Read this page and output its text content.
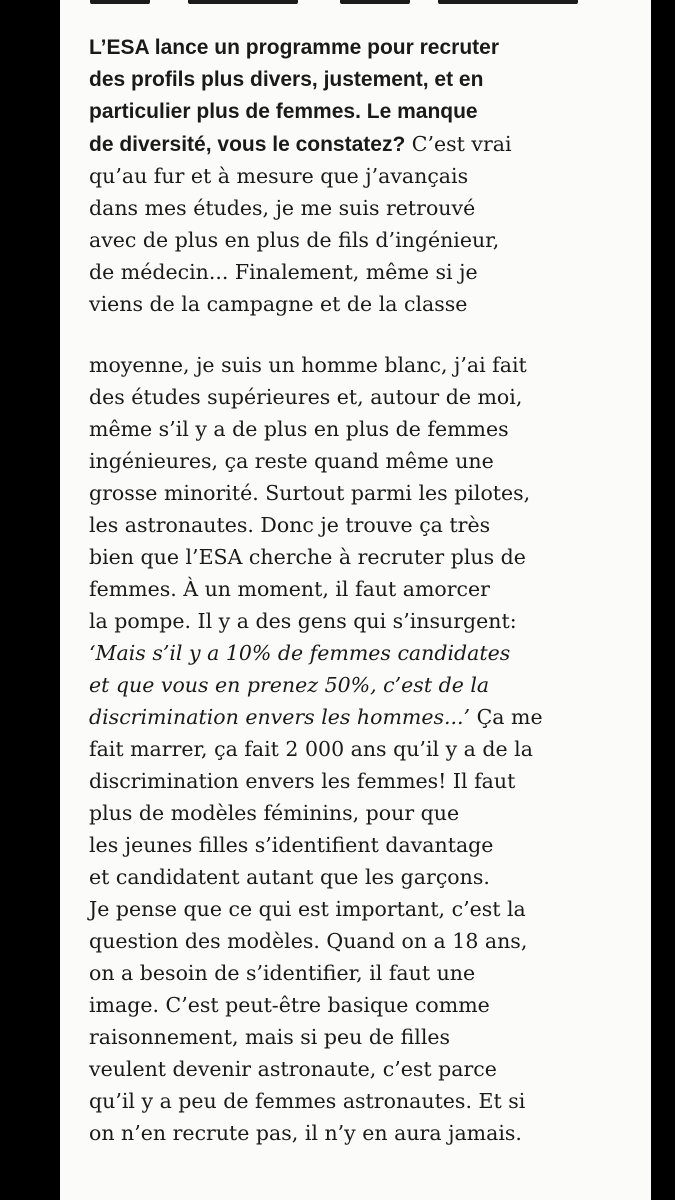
L’ESA lance un programme pour recruter
des profils plus divers, justement, et en
particulier plus de femmes. Le manque
de diversité, vous le constatez? C’est vrai
qu’au fur et à mesure que j’avançais
dans mes études, je me suis retrouvé
avec de plus en plus de fils d’ingénieur,
de médecin... Finalement, même si je
viens de la campagne et de la classe
moyenne, je suis un homme blanc, j’ai fait
des études supérieures et, autour de moi,
même s’il y a de plus en plus de femmes
ingénieures, ça reste quand même une
grosse minorité. Surtout parmi les pilotes,
les astronautes. Donc je trouve ça très
bien que l’ESA cherche à recruter plus de
femmes. À un moment, il faut amorcer
la pompe. Il y a des gens qui s’insurgent:
‘Mais s’il y a 10% de femmes candidates
et que vous en prenez 50%, c’est de la
discrimination envers les hommes...’ Ça me
fait marrer, ça fait 2 000 ans qu’il y a de la
discrimination envers les femmes! Il faut
plus de modèles féminins, pour que
les jeunes filles s’identifient davantage
et candidatent autant que les garçons.
Je pense que ce qui est important, c’est la
question des modèles. Quand on a 18 ans,
on a besoin de s’identifier, il faut une
image. C’est peut-être basique comme
raisonnement, mais si peu de filles
veulent devenir astronaute, c’est parce
qu’il y a peu de femmes astronautes. Et si
on n’en recrute pas, il n’y en aura jamais.
